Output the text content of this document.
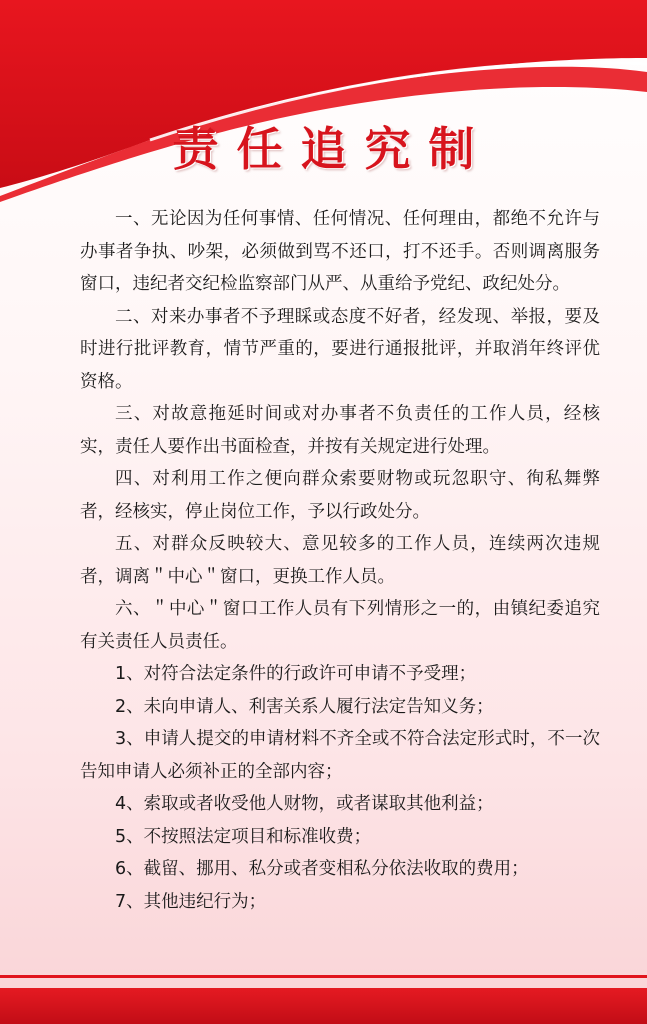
责任追究制

一、无论因为任何事情、任何情况、任何理由，都绝不允许与办事者争执、吵架，必须做到骂不还口，打不还手。否则调离服务窗口，违纪者交纪检监察部门从严、从重给予党纪、政纪处分。

二、对来办事者不予理睬或态度不好者，经发现、举报，要及时进行批评教育，情节严重的，要进行通报批评，并取消年终评优资格。

三、对故意拖延时间或对办事者不负责任的工作人员，经核实，责任人要作出书面检查，并按有关规定进行处理。

四、对利用工作之便向群众索要财物或玩忽职守、徇私舞弊者，经核实，停止岗位工作，予以行政处分。

五、对群众反映较大、意见较多的工作人员，连续两次违规者，调离＂中心＂窗口，更换工作人员。

六、＂中心＂窗口工作人员有下列情形之一的，由镇纪委追究有关责任人员责任。

1、对符合法定条件的行政许可申请不予受理；

2、未向申请人、利害关系人履行法定告知义务；

3、申请人提交的申请材料不齐全或不符合法定形式时，不一次告知申请人必须补正的全部内容；

4、索取或者收受他人财物，或者谋取其他利益；

5、不按照法定项目和标准收费；

6、截留、挪用、私分或者变相私分依法收取的费用；

7、其他违纪行为；
